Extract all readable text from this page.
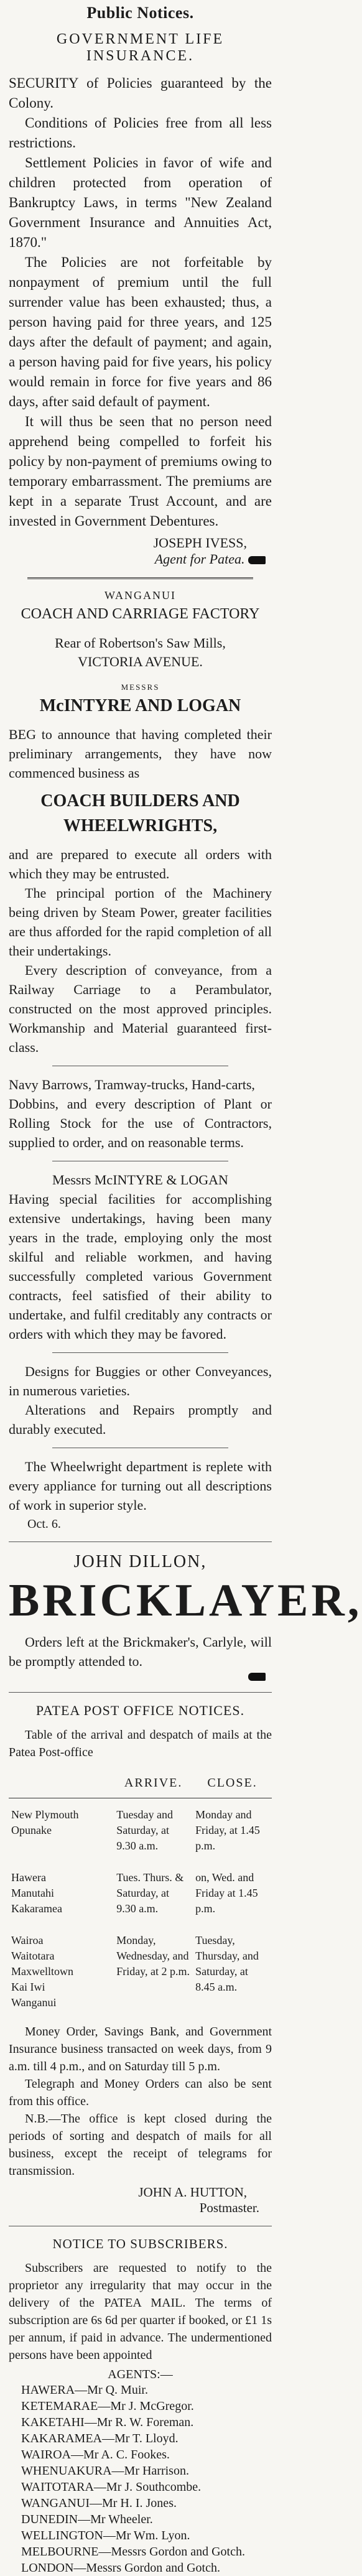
Public Notices.
GOVERNMENT LIFE INSURANCE.

SECURITY of Policies guaranteed by the Colony.

Conditions of Policies free from all less restrictions.

Settlement Policies in favor of wife and children protected from operation of Bankruptcy Laws, in terms "New Zealand Government Insurance and Annuities Act, 1870."

The Policies are not forfeitable by nonpayment of premium until the full surrender value has been exhausted; thus, a person having paid for three years, and 125 days after the default of payment; and again, a person having paid for five years, his policy would remain in force for five years and 86 days, after said default of payment.

It will thus be seen that no person need apprehend being compelled to forfeit his policy by non-payment of premiums owing to temporary embarrassment. The premiums are kept in a separate Trust Account, and are invested in Government Debentures.

JOSEPH IVESS,
Agent for Patea.
WANGANUI
COACH AND CARRIAGE FACTORY
Rear of Robertson's Saw Mills, VICTORIA AVENUE.
MESSRS
McINTYRE AND LOGAN

BEG to announce that having completed their preliminary arrangements, they have now commenced business as

COACH BUILDERS AND WHEELWRIGHTS,

and are prepared to execute all orders with which they may be entrusted.

The principal portion of the Machinery being driven by Steam Power, greater facilities are thus afforded for the rapid completion of all their undertakings.

Every description of conveyance, from a Railway Carriage to a Perambulator, constructed on the most approved principles. Workmanship and Material guaranteed first-class.

Navy Barrows, Tramway-trucks, Hand-carts,

Dobbins, and every description of Plant or Rolling Stock for the use of Contractors, supplied to order, and on reasonable terms.

Messrs McINTYRE & LOGAN

Having special facilities for accomplishing extensive undertakings, having been many years in the trade, employing only the most skilful and reliable workmen, and having successfully completed various Government contracts, feel satisfied of their ability to undertake, and fulfil creditably any contracts or orders with which they may be favored.

Designs for Buggies or other Conveyances, in numerous varieties.

Alterations and Repairs promptly and durably executed.

The Wheelwright department is replete with every appliance for turning out all descriptions of work in superior style.

Oct. 6.
JOHN DILLON,
BRICKLAYER,

Orders left at the Brickmaker's, Carlyle, will be promptly attended to.

PATEA POST OFFICE NOTICES.

Table of the arrival and despatch of mails at the Patea Post-office

	ARRIVE.	CLOSE.

New Plymouth
Opunake	Tuesday and Saturday, at 9.30 a.m.	Monday and Friday, at 1.45 p.m.

Hawera
Manutahi
Kakaramea	Tues. Thurs. & Saturday, at 9.30 a.m.	on, Wed. and Friday at 1.45 p.m.

Wairoa
Waitotara
Maxwelltown
Kai Iwi
Wanganui	Monday, Wednesday, and Friday, at 2 p.m.	Tuesday, Thursday, and Saturday, at 8.45 a.m.

Money Order, Savings Bank, and Government Insurance business transacted on week days, from 9 a.m. till 4 p.m., and on Saturday till 5 p.m.

Telegraph and Money Orders can also be sent from this office.

N.B.—The office is kept closed during the periods of sorting and despatch of mails for all business, except the receipt of telegrams for transmission.

JOHN A. HUTTON,
Postmaster.
NOTICE TO SUBSCRIBERS.

Subscribers are requested to notify to the proprietor any irregularity that may occur in the delivery of the PATEA MAIL. The terms of subscription are 6s 6d per quarter if booked, or £1 1s per annum, if paid in advance. The undermentioned persons have been appointed

AGENTS:—
HAWERA—Mr Q. Muir.
KETEMARAE—Mr J. McGregor.
KAKETAHI—Mr R. W. Foreman.
KAKARAMEA—Mr T. Lloyd.
WAIROA—Mr A. C. Fookes.
WHENUAKURA—Mr Harrison.
WAITOTARA—Mr J. Southcombe.
WANGANUI—Mr H. I. Jones.
DUNEDIN—Mr Wheeler.
WELLINGTON—Mr Wm. Lyon.
MELBOURNE—Messrs Gordon and Gotch.
LONDON—Messrs Gordon and Gotch.
